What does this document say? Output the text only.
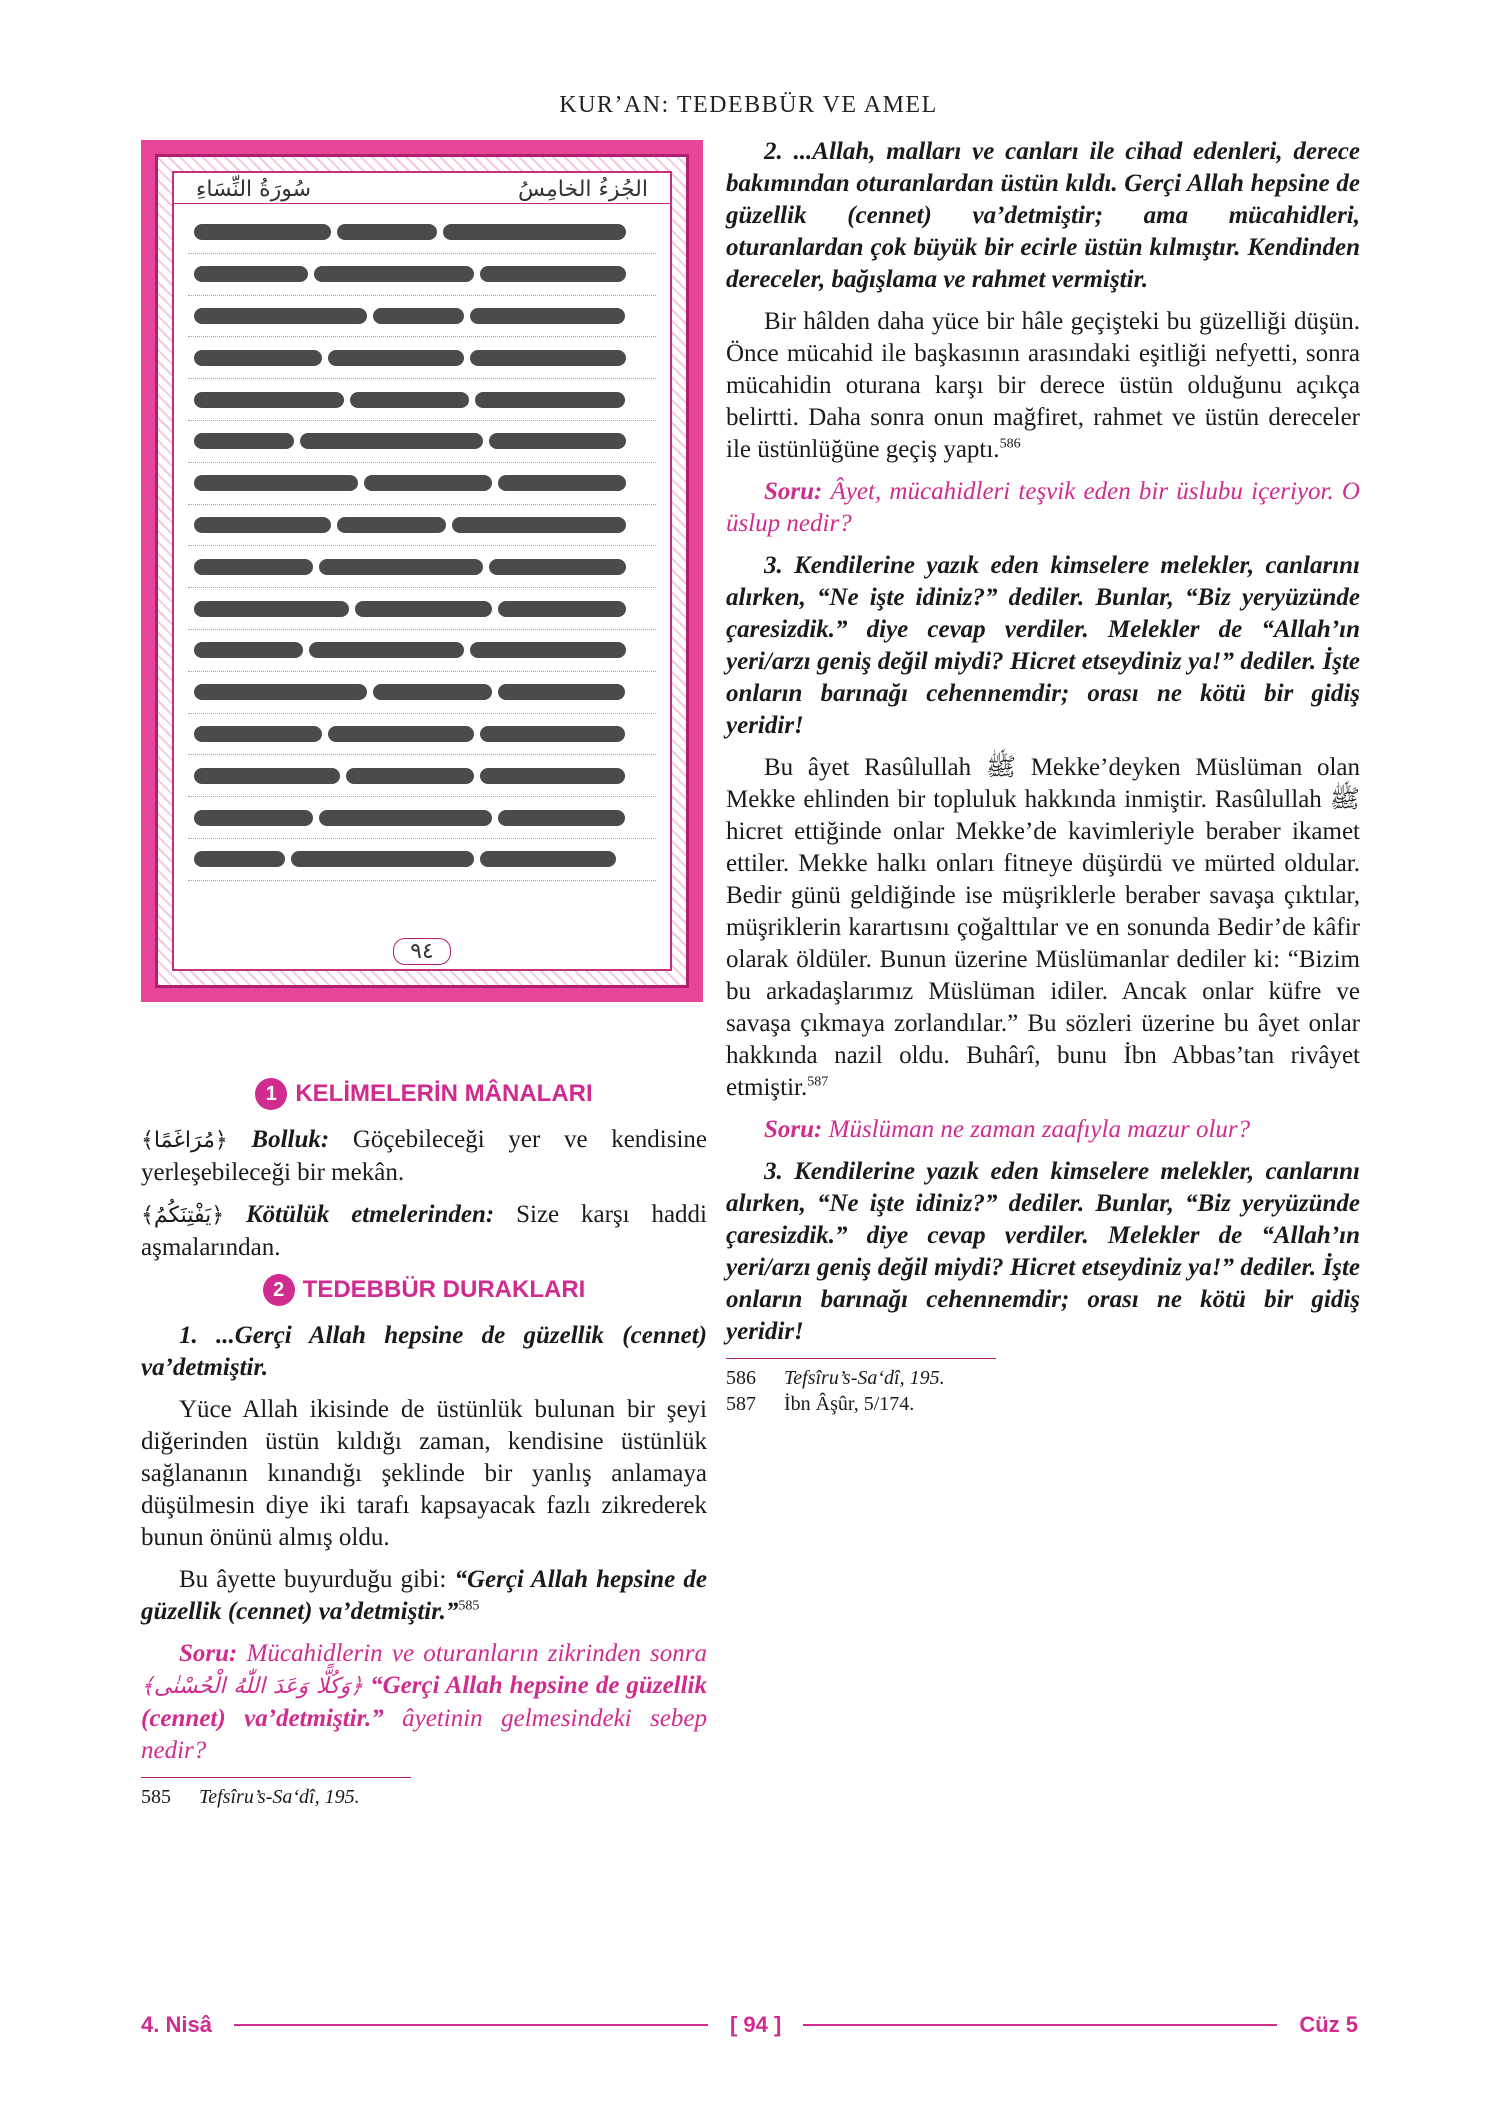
KUR’AN: TEDEBBÜR VE AMEL
سُورَةُ النِّسَاءِ	الجُزءُ الخامِسُ
٩٤
1 KELİMELERİN MÂNALARI

﴿مُرَاغَمًا﴾ Bolluk: Göçebileceği yer ve kendisine yerleşebileceği bir mekân.

﴿يَفْتِنَكُمُ﴾ Kötülük etmelerinden: Size karşı haddi aşmalarından.

2 TEDEBBÜR DURAKLARI

1. ...Gerçi Allah hepsine de güzellik (cennet) va’detmiştir.

Yüce Allah ikisinde de üstünlük bulunan bir şeyi diğerinden üstün kıldığı zaman, kendisine üstünlük sağlananın kınandığı şeklinde bir yanlış anlamaya düşülmesin diye iki tarafı kapsayacak fazlı zikrederek bunun önünü almış oldu.

Bu âyette buyurduğu gibi: “Gerçi Allah hepsine de güzellik (cennet) va’detmiştir.”$^{585}$

Soru: Mücahidlerin ve oturanların zikrinden sonra ﴿وَكُلًّا وَعَدَ اللّٰهُ الْحُسْنٰى﴾ “Gerçi Allah hepsine de güzellik (cennet) va’detmiştir.” âyetinin gelmesindeki sebep nedir?

585 Tefsîru’s-Sa‘dî, 195.

2. ...Allah, malları ve canları ile cihad edenleri, derece bakımından oturanlardan üstün kıldı. Gerçi Allah hepsine de güzellik (cennet) va’detmiştir; ama mücahidleri, oturanlardan çok büyük bir ecirle üstün kılmıştır. Kendinden dereceler, bağışlama ve rahmet vermiştir.

Bir hâlden daha yüce bir hâle geçişteki bu güzelliği düşün. Önce mücahid ile başkasının arasındaki eşitliği nefyetti, sonra mücahidin oturana karşı bir derece üstün olduğunu açıkça belirtti. Daha sonra onun mağfiret, rahmet ve üstün dereceler ile üstünlüğüne geçiş yaptı.$^{586}$

Soru: Âyet, mücahidleri teşvik eden bir üslubu içeriyor. O üslup nedir?

3. Kendilerine yazık eden kimselere melekler, canlarını alırken, “Ne işte idiniz?” dediler. Bunlar, “Biz yeryüzünde çaresizdik.” diye cevap verdiler. Melekler de “Allah’ın yeri/arzı geniş değil miydi? Hicret etseydiniz ya!” dediler. İşte onların barınağı cehennemdir; orası ne kötü bir gidiş yeridir!

Bu âyet Rasûlullah ﷺ Mekke’deyken Müslüman olan Mekke ehlinden bir topluluk hakkında inmiştir. Rasûlullah ﷺ hicret ettiğinde onlar Mekke’de kavimleriyle beraber ikamet ettiler. Mekke halkı onları fitneye düşürdü ve mürted oldular. Bedir günü geldiğinde ise müşriklerle beraber savaşa çıktılar, müşriklerin karartısını çoğalttılar ve en sonunda Bedir’de kâfir olarak öldüler. Bunun üzerine Müslümanlar dediler ki: “Bizim bu arkadaşlarımız Müslüman idiler. Ancak onlar küfre ve savaşa çıkmaya zorlandılar.” Bu sözleri üzerine bu âyet onlar hakkında nazil oldu. Buhârî, bunu İbn Abbas’tan rivâyet etmiştir.$^{587}$

Soru: Müslüman ne zaman zaafıyla mazur olur?

3. Kendilerine yazık eden kimselere melekler, canlarını alırken, “Ne işte idiniz?” dediler. Bunlar, “Biz yeryüzünde çaresizdik.” diye cevap verdiler. Melekler de “Allah’ın yeri/arzı geniş değil miydi? Hicret etseydiniz ya!” dediler. İşte onların barınağı cehennemdir; orası ne kötü bir gidiş yeridir!

586 Tefsîru’s-Sa‘dî, 195.
587 İbn Âşûr, 5/174.
4. Nisâ	[ 94 ]	Cüz 5
